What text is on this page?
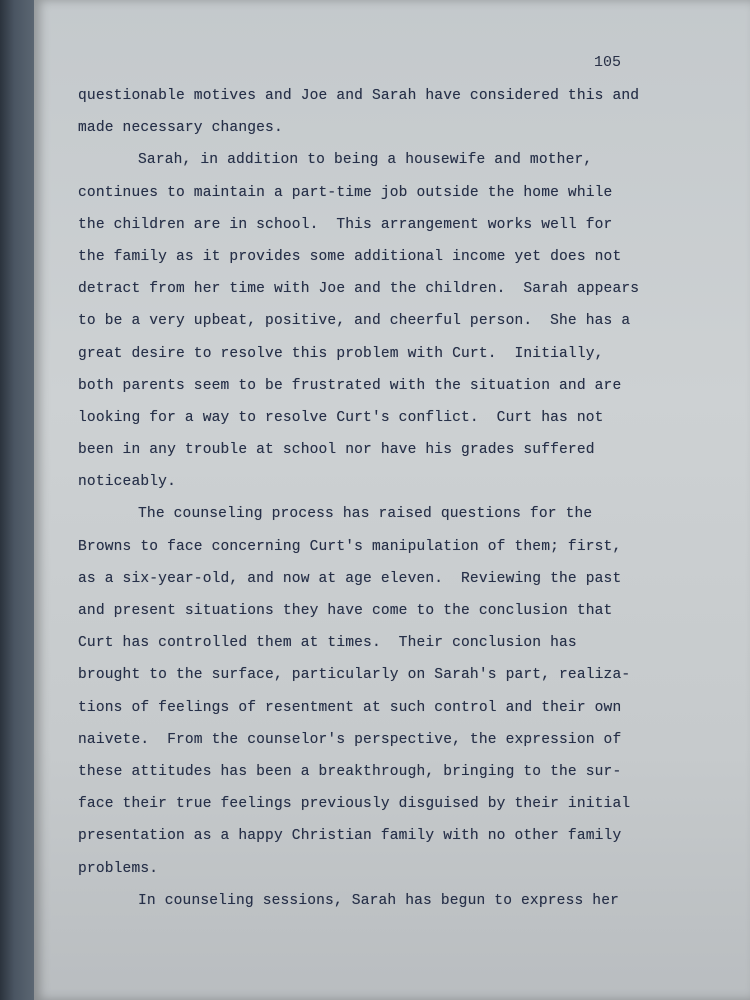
105
questionable motives and Joe and Sarah have considered this and
made necessary changes.
Sarah, in addition to being a housewife and mother,
continues to maintain a part-time job outside the home while
the children are in school.  This arrangement works well for
the family as it provides some additional income yet does not
detract from her time with Joe and the children.  Sarah appears
to be a very upbeat, positive, and cheerful person.  She has a
great desire to resolve this problem with Curt.  Initially,
both parents seem to be frustrated with the situation and are
looking for a way to resolve Curt's conflict.  Curt has not
been in any trouble at school nor have his grades suffered
noticeably.
The counseling process has raised questions for the
Browns to face concerning Curt's manipulation of them; first,
as a six-year-old, and now at age eleven.  Reviewing the past
and present situations they have come to the conclusion that
Curt has controlled them at times.  Their conclusion has
brought to the surface, particularly on Sarah's part, realiza-
tions of feelings of resentment at such control and their own
naivete.  From the counselor's perspective, the expression of
these attitudes has been a breakthrough, bringing to the sur-
face their true feelings previously disguised by their initial
presentation as a happy Christian family with no other family
problems.
In counseling sessions, Sarah has begun to express her
